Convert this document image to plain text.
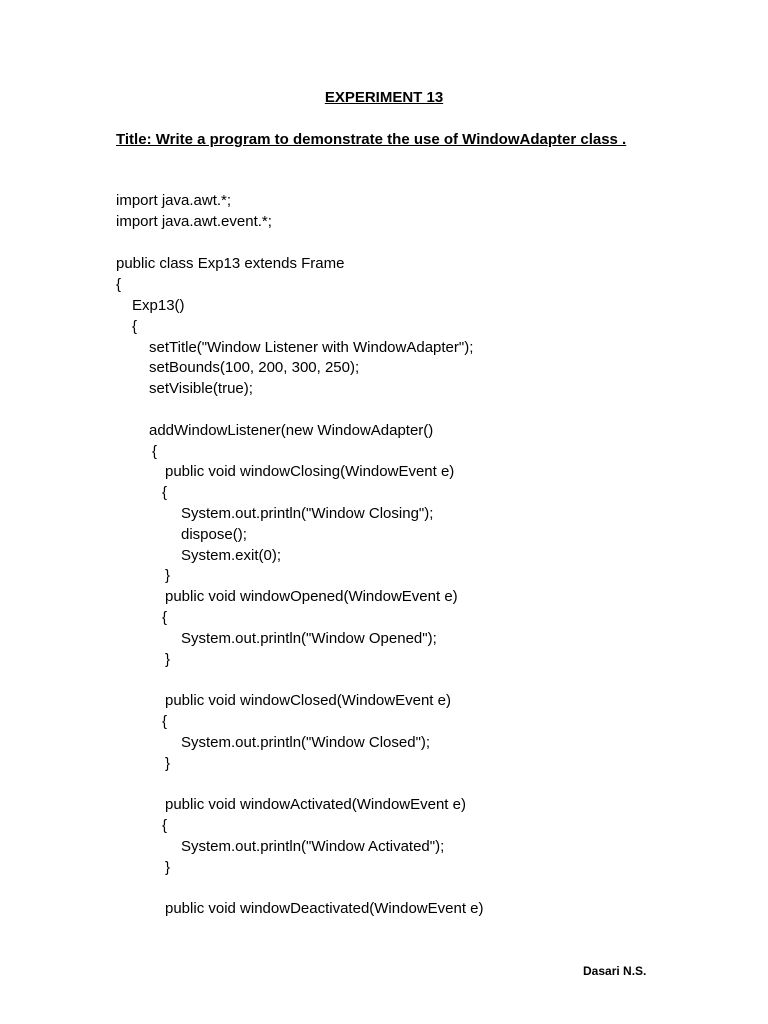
EXPERIMENT 13
Title: Write a program to demonstrate the use of WindowAdapter class .
import java.awt.*;
import java.awt.event.*;
public class Exp13 extends Frame
{
Exp13()
{
setTitle("Window Listener with WindowAdapter");
setBounds(100, 200, 300, 250);
setVisible(true);
addWindowListener(new WindowAdapter()
{
public void windowClosing(WindowEvent e)
{
System.out.println("Window Closing");
dispose();
System.exit(0);
}
public void windowOpened(WindowEvent e)
{
System.out.println("Window Opened");
}
public void windowClosed(WindowEvent e)
{
System.out.println("Window Closed");
}
public void windowActivated(WindowEvent e)
{
System.out.println("Window Activated");
}
public void windowDeactivated(WindowEvent e)
Dasari N.S.
